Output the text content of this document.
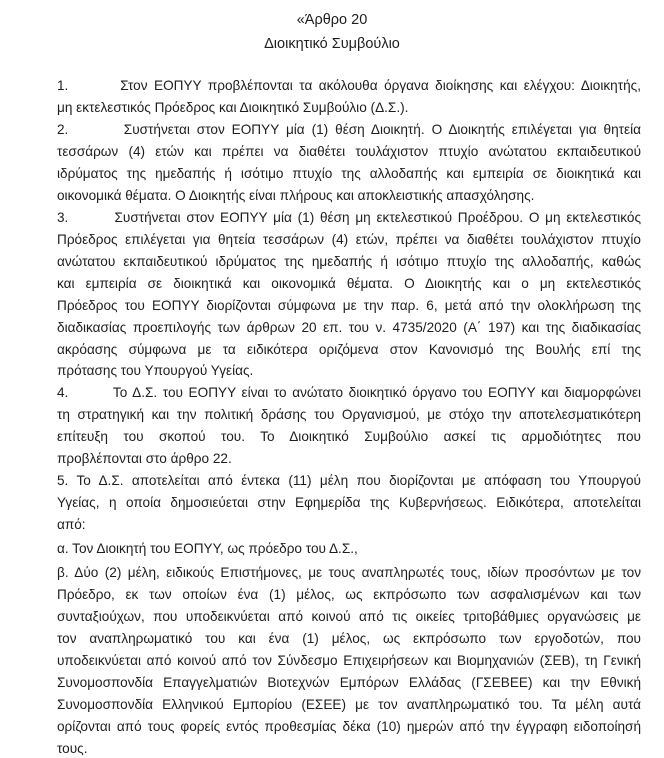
«Άρθρο 20
Διοικητικό Συμβούλιο
1.        Στον ΕΟΠΥΥ προβλέπονται τα ακόλουθα όργανα διοίκησης και ελέγχου: Διοικητής,
μη εκτελεστικός Πρόεδρος και Διοικητικό Συμβούλιο (Δ.Σ.).
2.        Συστήνεται στον ΕΟΠΥΥ μία (1) θέση Διοικητή. Ο Διοικητής επιλέγεται για θητεία
τεσσάρων (4) ετών και πρέπει να διαθέτει τουλάχιστον πτυχίο ανώτατου εκπαιδευτικού
ιδρύματος της ημεδαπής ή ισότιμο πτυχίο της αλλοδαπής και εμπειρία σε διοικητικά και
οικονομικά θέματα. Ο Διοικητής είναι πλήρους και αποκλειστικής απασχόλησης.
3.        Συστήνεται στον ΕΟΠΥΥ μία (1) θέση μη εκτελεστικού Προέδρου. Ο μη εκτελεστικός
Πρόεδρος επιλέγεται για θητεία τεσσάρων (4) ετών, πρέπει να διαθέτει τουλάχιστον πτυχίο
ανώτατου εκπαιδευτικού ιδρύματος της ημεδαπής ή ισότιμο πτυχίο της αλλοδαπής, καθώς
και εμπειρία σε διοικητικά και οικονομικά θέματα. Ο Διοικητής και ο μη εκτελεστικός
Πρόεδρος του ΕΟΠΥΥ διορίζονται σύμφωνα με την παρ. 6, μετά από την ολοκλήρωση της
διαδικασίας προεπιλογής των άρθρων 20 επ. του ν. 4735/2020 (Α΄ 197) και της διαδικασίας
ακρόασης σύμφωνα με τα ειδικότερα οριζόμενα στον Κανονισμό της Βουλής επί της
πρότασης του Υπουργού Υγείας.
4.        Το Δ.Σ. του ΕΟΠΥΥ είναι το ανώτατο διοικητικό όργανο του ΕΟΠΥΥ και διαμορφώνει
τη στρατηγική και την πολιτική δράσης του Οργανισμού, με στόχο την αποτελεσματικότερη
επίτευξη του σκοπού του. Το Διοικητικό Συμβούλιο ασκεί τις αρμοδιότητες που
προβλέπονται στο άρθρο 22.
5. Το Δ.Σ. αποτελείται από έντεκα (11) μέλη που διορίζονται με απόφαση του Υπουργού
Υγείας, η οποία δημοσιεύεται στην Εφημερίδα της Κυβερνήσεως. Ειδικότερα, αποτελείται
από:
α. Τον Διοικητή του ΕΟΠΥΥ, ως πρόεδρο του Δ.Σ.,
β. Δύο (2) μέλη, ειδικούς Επιστήμονες, με τους αναπληρωτές τους, ιδίων προσόντων με τον
Πρόεδρο, εκ των οποίων ένα (1) μέλος, ως εκπρόσωπο των ασφαλισμένων και των
συνταξιούχων, που υποδεικνύεται από κοινού από τις οικείες τριτοβάθμιες οργανώσεις με
τον αναπληρωματικό του και ένα (1) μέλος, ως εκπρόσωπο των εργοδοτών, που
υποδεικνύεται από κοινού από τον Σύνδεσμο Επιχειρήσεων και Βιομηχανιών (ΣΕΒ), τη Γενική
Συνομοσπονδία Επαγγελματιών Βιοτεχνών Εμπόρων Ελλάδας (ΓΣΕΒΕΕ) και την Εθνική
Συνομοσπονδία Ελληνικού Εμπορίου (ΕΣΕΕ) με τον αναπληρωματικό του. Τα μέλη αυτά
ορίζονται από τους φορείς εντός προθεσμίας δέκα (10) ημερών από την έγγραφη ειδοποίησή
τους.
